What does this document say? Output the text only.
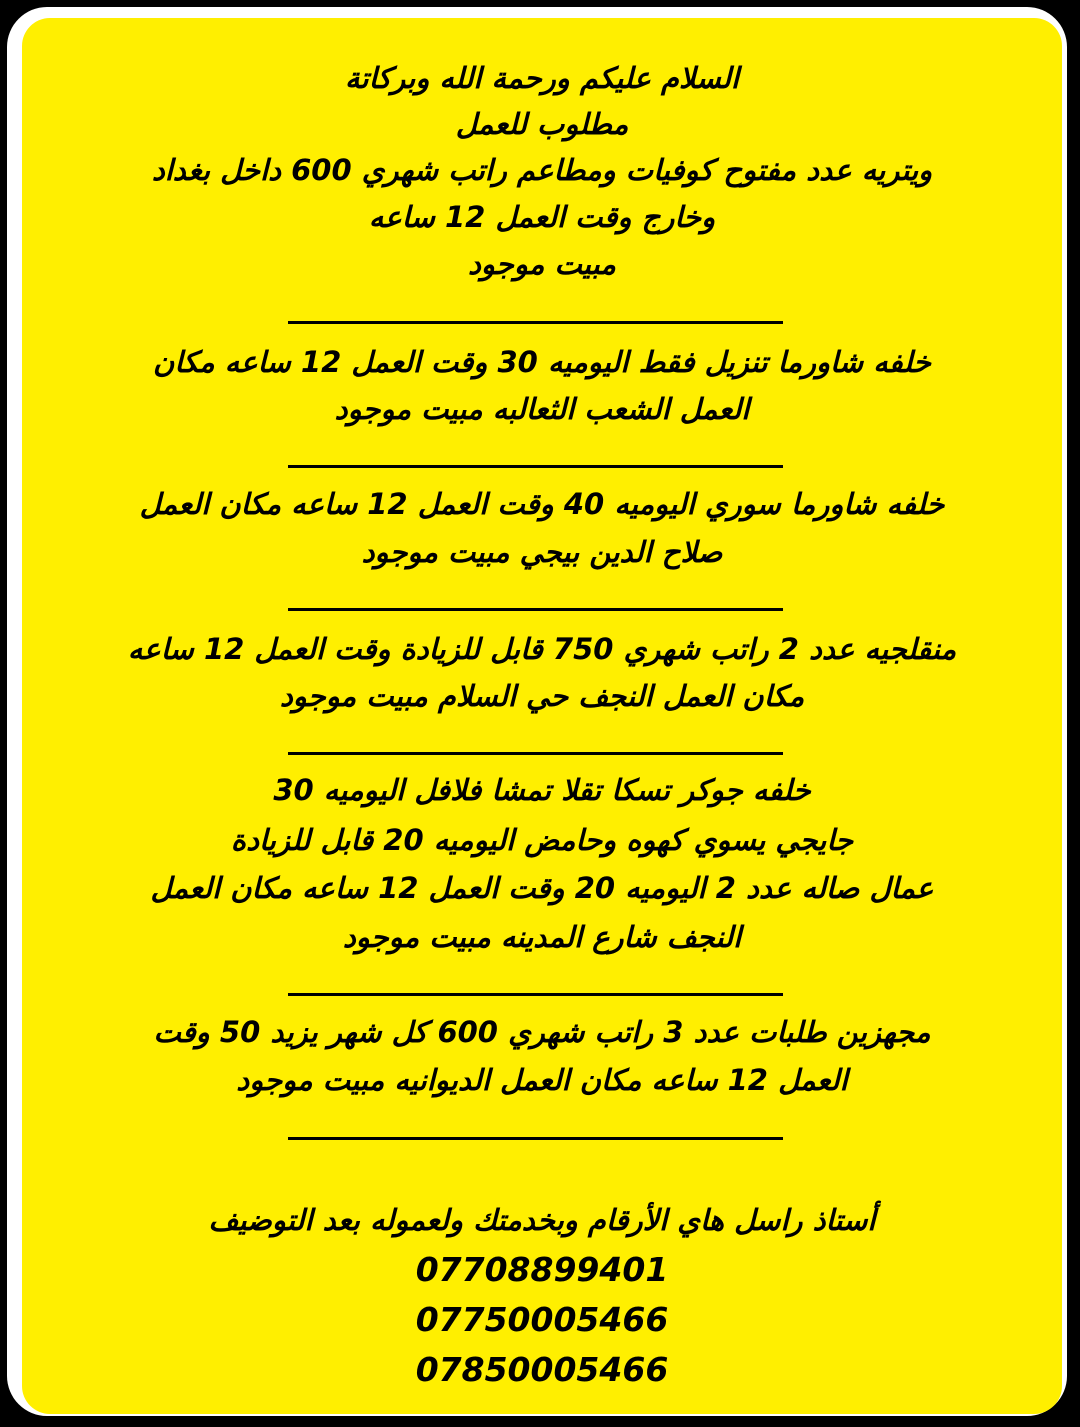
السلام عليكم ورحمة الله وبركاتة
مطلوب للعمل
ويتريه عدد مفتوح كوفيات ومطاعم راتب شهري 600 داخل بغداد
وخارج وقت العمل 12 ساعه
مبيت موجود
خلفه شاورما تنزيل فقط اليوميه 30 وقت العمل 12 ساعه مكان
العمل الشعب الثعالبه مبيت موجود
خلفه شاورما سوري اليوميه 40 وقت العمل 12 ساعه مكان العمل
صلاح الدين بيجي مبيت موجود
منقلجيه عدد 2 راتب شهري 750 قابل للزيادة وقت العمل 12 ساعه
مكان العمل النجف حي السلام مبيت موجود
خلفه جوكر تسكا تقلا تمشا فلافل اليوميه 30
جايجي يسوي كهوه وحامض اليوميه 20 قابل للزيادة
عمال صاله عدد 2 اليوميه 20 وقت العمل 12 ساعه مكان العمل
النجف شارع المدينه مبيت موجود
مجهزين طلبات عدد 3 راتب شهري 600 كل شهر يزيد 50 وقت
العمل 12 ساعه مكان العمل الديوانيه مبيت موجود
أستاذ راسل هاي الأرقام وبخدمتك ولعموله بعد التوضيف
07708899401
07750005466
07850005466
